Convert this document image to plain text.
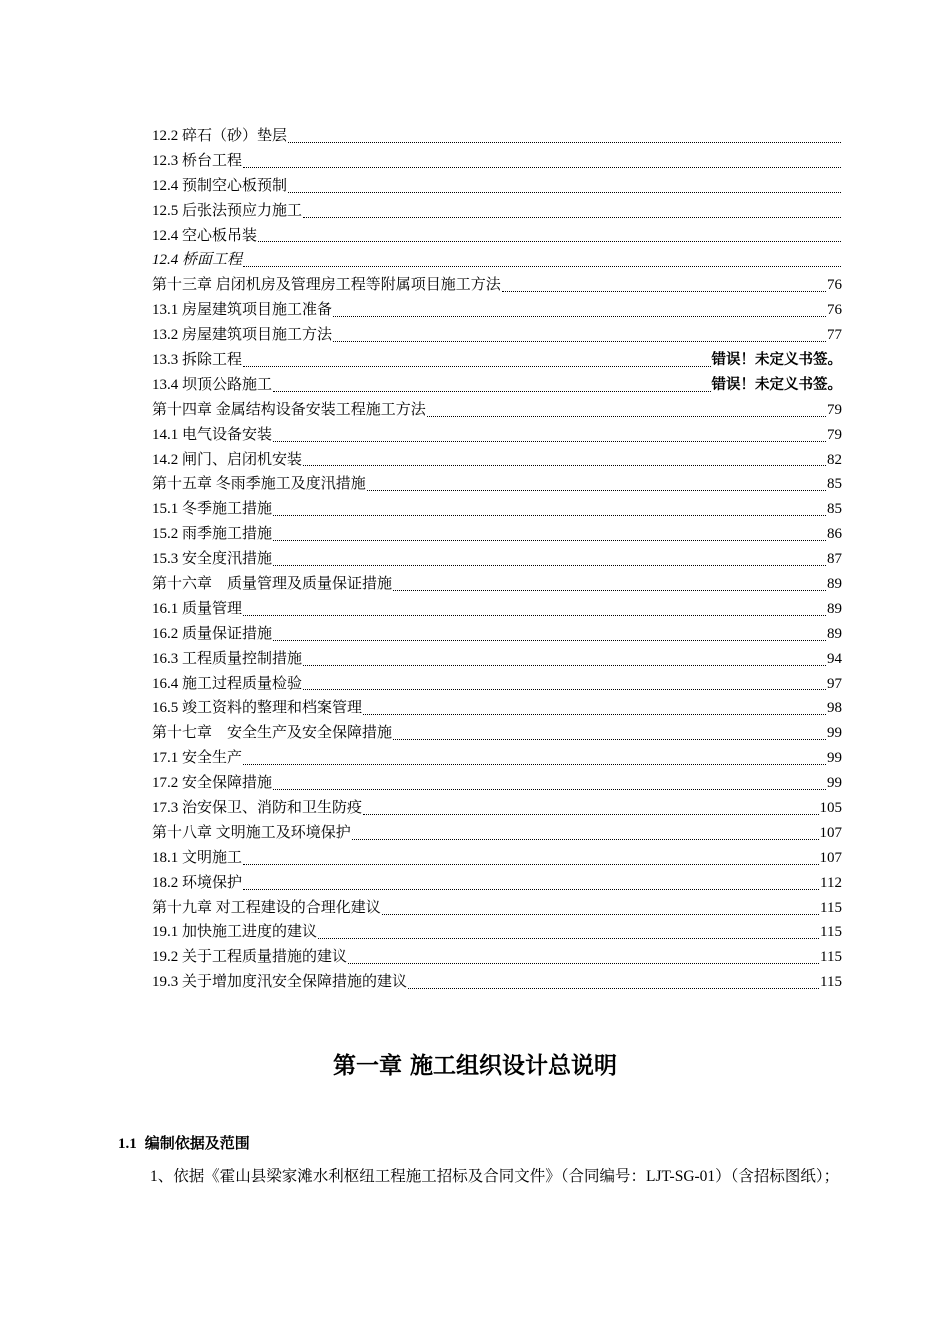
12.2 碎石（砂）垫层
12.3 桥台工程
12.4 预制空心板预制
12.5 后张法预应力施工
12.4 空心板吊装
12.4 桥面工程
第十三章 启闭机房及管理房工程等附属项目施工方法	76
13.1 房屋建筑项目施工准备	76
13.2 房屋建筑项目施工方法	77
13.3 拆除工程	错误！未定义书签。
13.4 坝顶公路施工	错误！未定义书签。
第十四章 金属结构设备安装工程施工方法	79
14.1 电气设备安装	79
14.2 闸门、启闭机安装	82
第十五章 冬雨季施工及度汛措施	85
15.1 冬季施工措施	85
15.2 雨季施工措施	86
15.3 安全度汛措施	87
第十六章　质量管理及质量保证措施	89
16.1 质量管理	89
16.2 质量保证措施	89
16.3 工程质量控制措施	94
16.4 施工过程质量检验	97
16.5 竣工资料的整理和档案管理	98
第十七章　安全生产及安全保障措施	99
17.1 安全生产	99
17.2 安全保障措施	99
17.3 治安保卫、消防和卫生防疫	105
第十八章 文明施工及环境保护	107
18.1 文明施工	107
18.2 环境保护	112
第十九章 对工程建设的合理化建议	115
19.1 加快施工进度的建议	115
19.2 关于工程质量措施的建议	115
19.3 关于增加度汛安全保障措施的建议	115
第一章 施工组织设计总说明
1.1 编制依据及范围

1、依据《霍山县梁家滩水利枢纽工程施工招标及合同文件》（合同编号：LJT-SG-01）（含招标图纸）；
